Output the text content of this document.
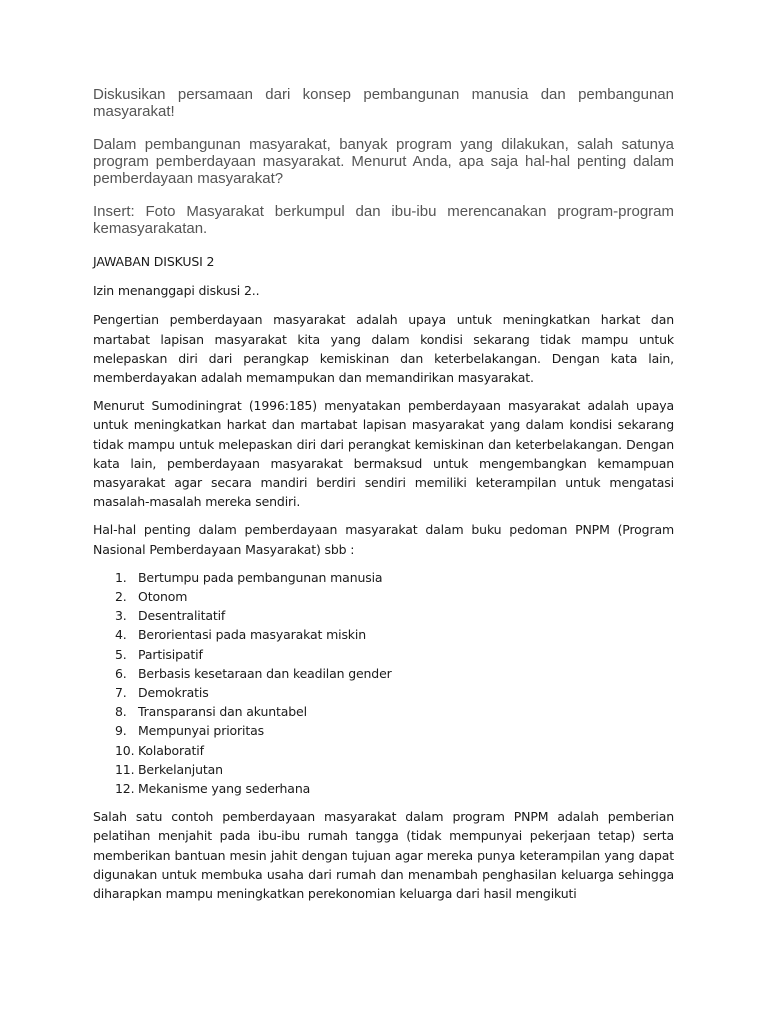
Diskusikan persamaan dari konsep pembangunan manusia dan pembangunan masyarakat!

Dalam pembangunan masyarakat, banyak program yang dilakukan, salah satunya program pemberdayaan masyarakat. Menurut Anda, apa saja hal-hal penting dalam pemberdayaan masyarakat?

Insert: Foto Masyarakat berkumpul dan ibu-ibu merencanakan program-program kemasyarakatan.

JAWABAN DISKUSI 2

Izin menanggapi diskusi 2..

Pengertian pemberdayaan masyarakat adalah upaya untuk meningkatkan harkat dan martabat lapisan masyarakat kita yang dalam kondisi sekarang tidak mampu untuk melepaskan diri dari perangkap kemiskinan dan keterbelakangan. Dengan kata lain, memberdayakan adalah memampukan dan memandirikan masyarakat.

Menurut Sumodiningrat (1996:185) menyatakan pemberdayaan masyarakat adalah upaya untuk meningkatkan harkat dan martabat lapisan masyarakat yang dalam kondisi sekarang tidak mampu untuk melepaskan diri dari perangkat kemiskinan dan keterbelakangan. Dengan kata lain, pemberdayaan masyarakat bermaksud untuk mengembangkan kemampuan masyarakat agar secara mandiri berdiri sendiri memiliki keterampilan untuk mengatasi masalah-masalah mereka sendiri.

Hal-hal penting dalam pemberdayaan masyarakat dalam buku pedoman PNPM (Program Nasional Pemberdayaan Masyarakat) sbb :

1. Bertumpu pada pembangunan manusia
2. Otonom
3. Desentralitatif
4. Berorientasi pada masyarakat miskin
5. Partisipatif
6. Berbasis kesetaraan dan keadilan gender
7. Demokratis
8. Transparansi dan akuntabel
9. Mempunyai prioritas
10. Kolaboratif
11. Berkelanjutan
12. Mekanisme yang sederhana

Salah satu contoh pemberdayaan masyarakat dalam program PNPM adalah pemberian pelatihan menjahit pada ibu-ibu rumah tangga (tidak mempunyai pekerjaan tetap) serta memberikan bantuan mesin jahit dengan tujuan agar mereka punya keterampilan yang dapat digunakan untuk membuka usaha dari rumah dan menambah penghasilan keluarga sehingga diharapkan mampu meningkatkan perekonomian keluarga dari hasil mengikuti
